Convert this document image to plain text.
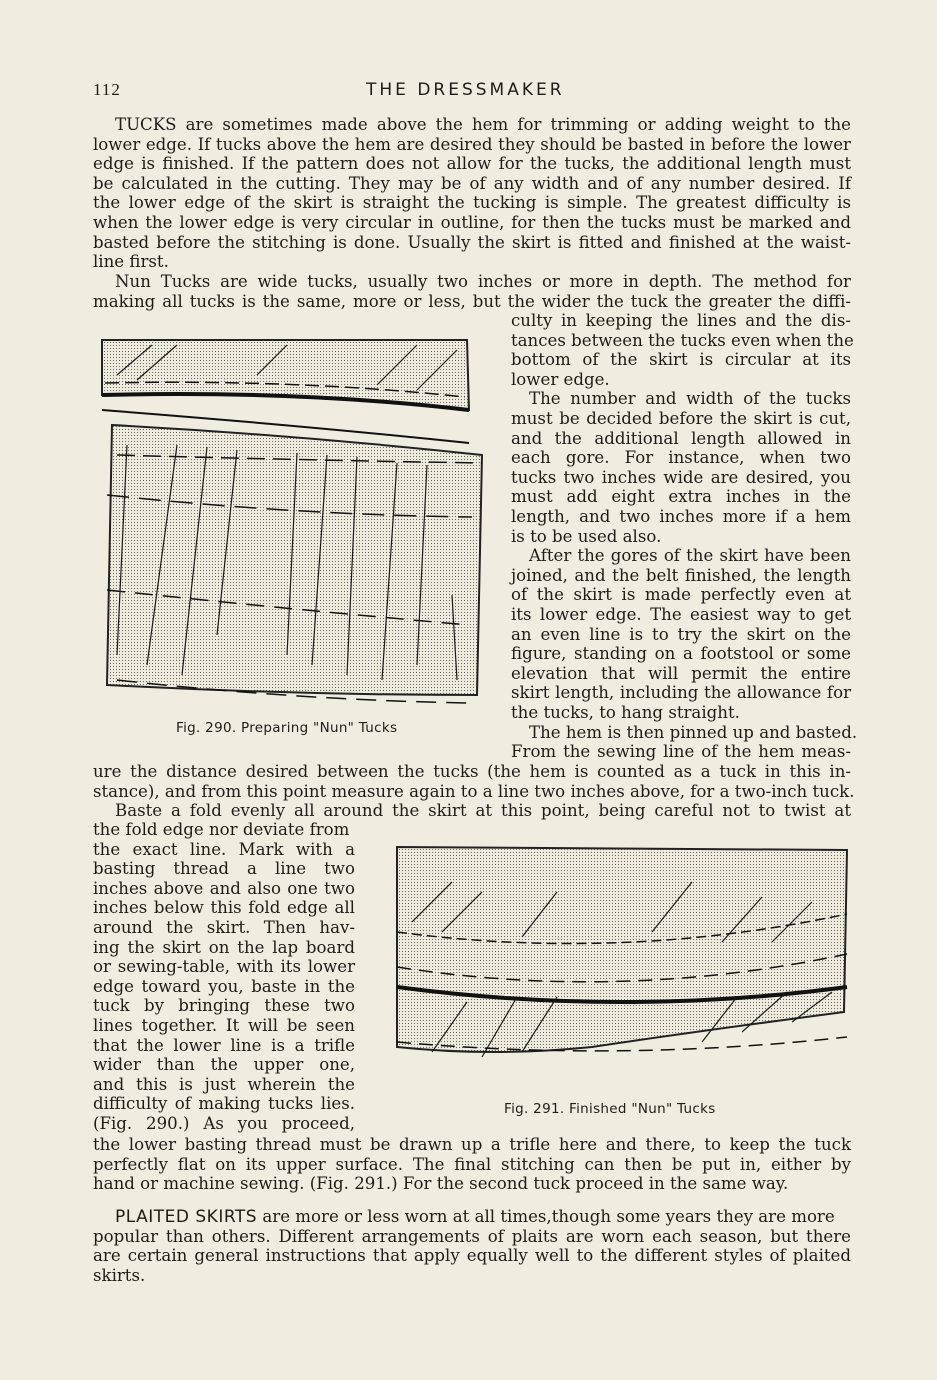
112	THE DRESSMAKER
TUCKS are sometimes made above the hem for trimming or adding weight to the
lower edge. If tucks above the hem are desired they should be basted in before the lower
edge is finished. If the pattern does not allow for the tucks, the additional length must
be calculated in the cutting. They may be of any width and of any number desired. If
the lower edge of the skirt is straight the tucking is simple. The greatest difficulty is
when the lower edge is very circular in outline, for then the tucks must be marked and
basted before the stitching is done. Usually the skirt is fitted and finished at the waist-
line first.
Nun Tucks are wide tucks, usually two inches or more in depth. The method for
making all tucks is the same, more or less, but the wider the tuck the greater the diffi-
culty in keeping the lines and the dis-
tances between the tucks even when the
bottom of the skirt is circular at its
lower edge.
The number and width of the tucks
must be decided before the skirt is cut,
and the additional length allowed in
each gore. For instance, when two
tucks two inches wide are desired, you
must add eight extra inches in the
length, and two inches more if a hem
is to be used also.
After the gores of the skirt have been
joined, and the belt finished, the length
of the skirt is made perfectly even at
its lower edge. The easiest way to get
an even line is to try the skirt on the
figure, standing on a footstool or some
elevation that will permit the entire
skirt length, including the allowance for
the tucks, to hang straight.
The hem is then pinned up and basted.
From the sewing line of the hem meas-
Fig. 290. Preparing "Nun" Tucks
ure the distance desired between the tucks (the hem is counted as a tuck in this in-
stance), and from this point measure again to a line two inches above, for a two-inch tuck.
Baste a fold evenly all around the skirt at this point, being careful not to twist at
the fold edge nor deviate from
the exact line. Mark with a
basting thread a line two
inches above and also one two
inches below this fold edge all
around the skirt. Then hav-
ing the skirt on the lap board
or sewing-table, with its lower
edge toward you, baste in the
tuck by bringing these two
lines together. It will be seen
that the lower line is a trifle
wider than the upper one,
and this is just wherein the
difficulty of making tucks lies.
(Fig. 290.) As you proceed,
Fig. 291. Finished "Nun" Tucks
the lower basting thread must be drawn up a trifle here and there, to keep the tuck
perfectly flat on its upper surface. The final stitching can then be put in, either by
hand or machine sewing. (Fig. 291.) For the second tuck proceed in the same way.
PLAITED SKIRTS are more or less worn at all times,though some years they are more
popular than others. Different arrangements of plaits are worn each season, but there
are certain general instructions that apply equally well to the different styles of plaited
skirts.
